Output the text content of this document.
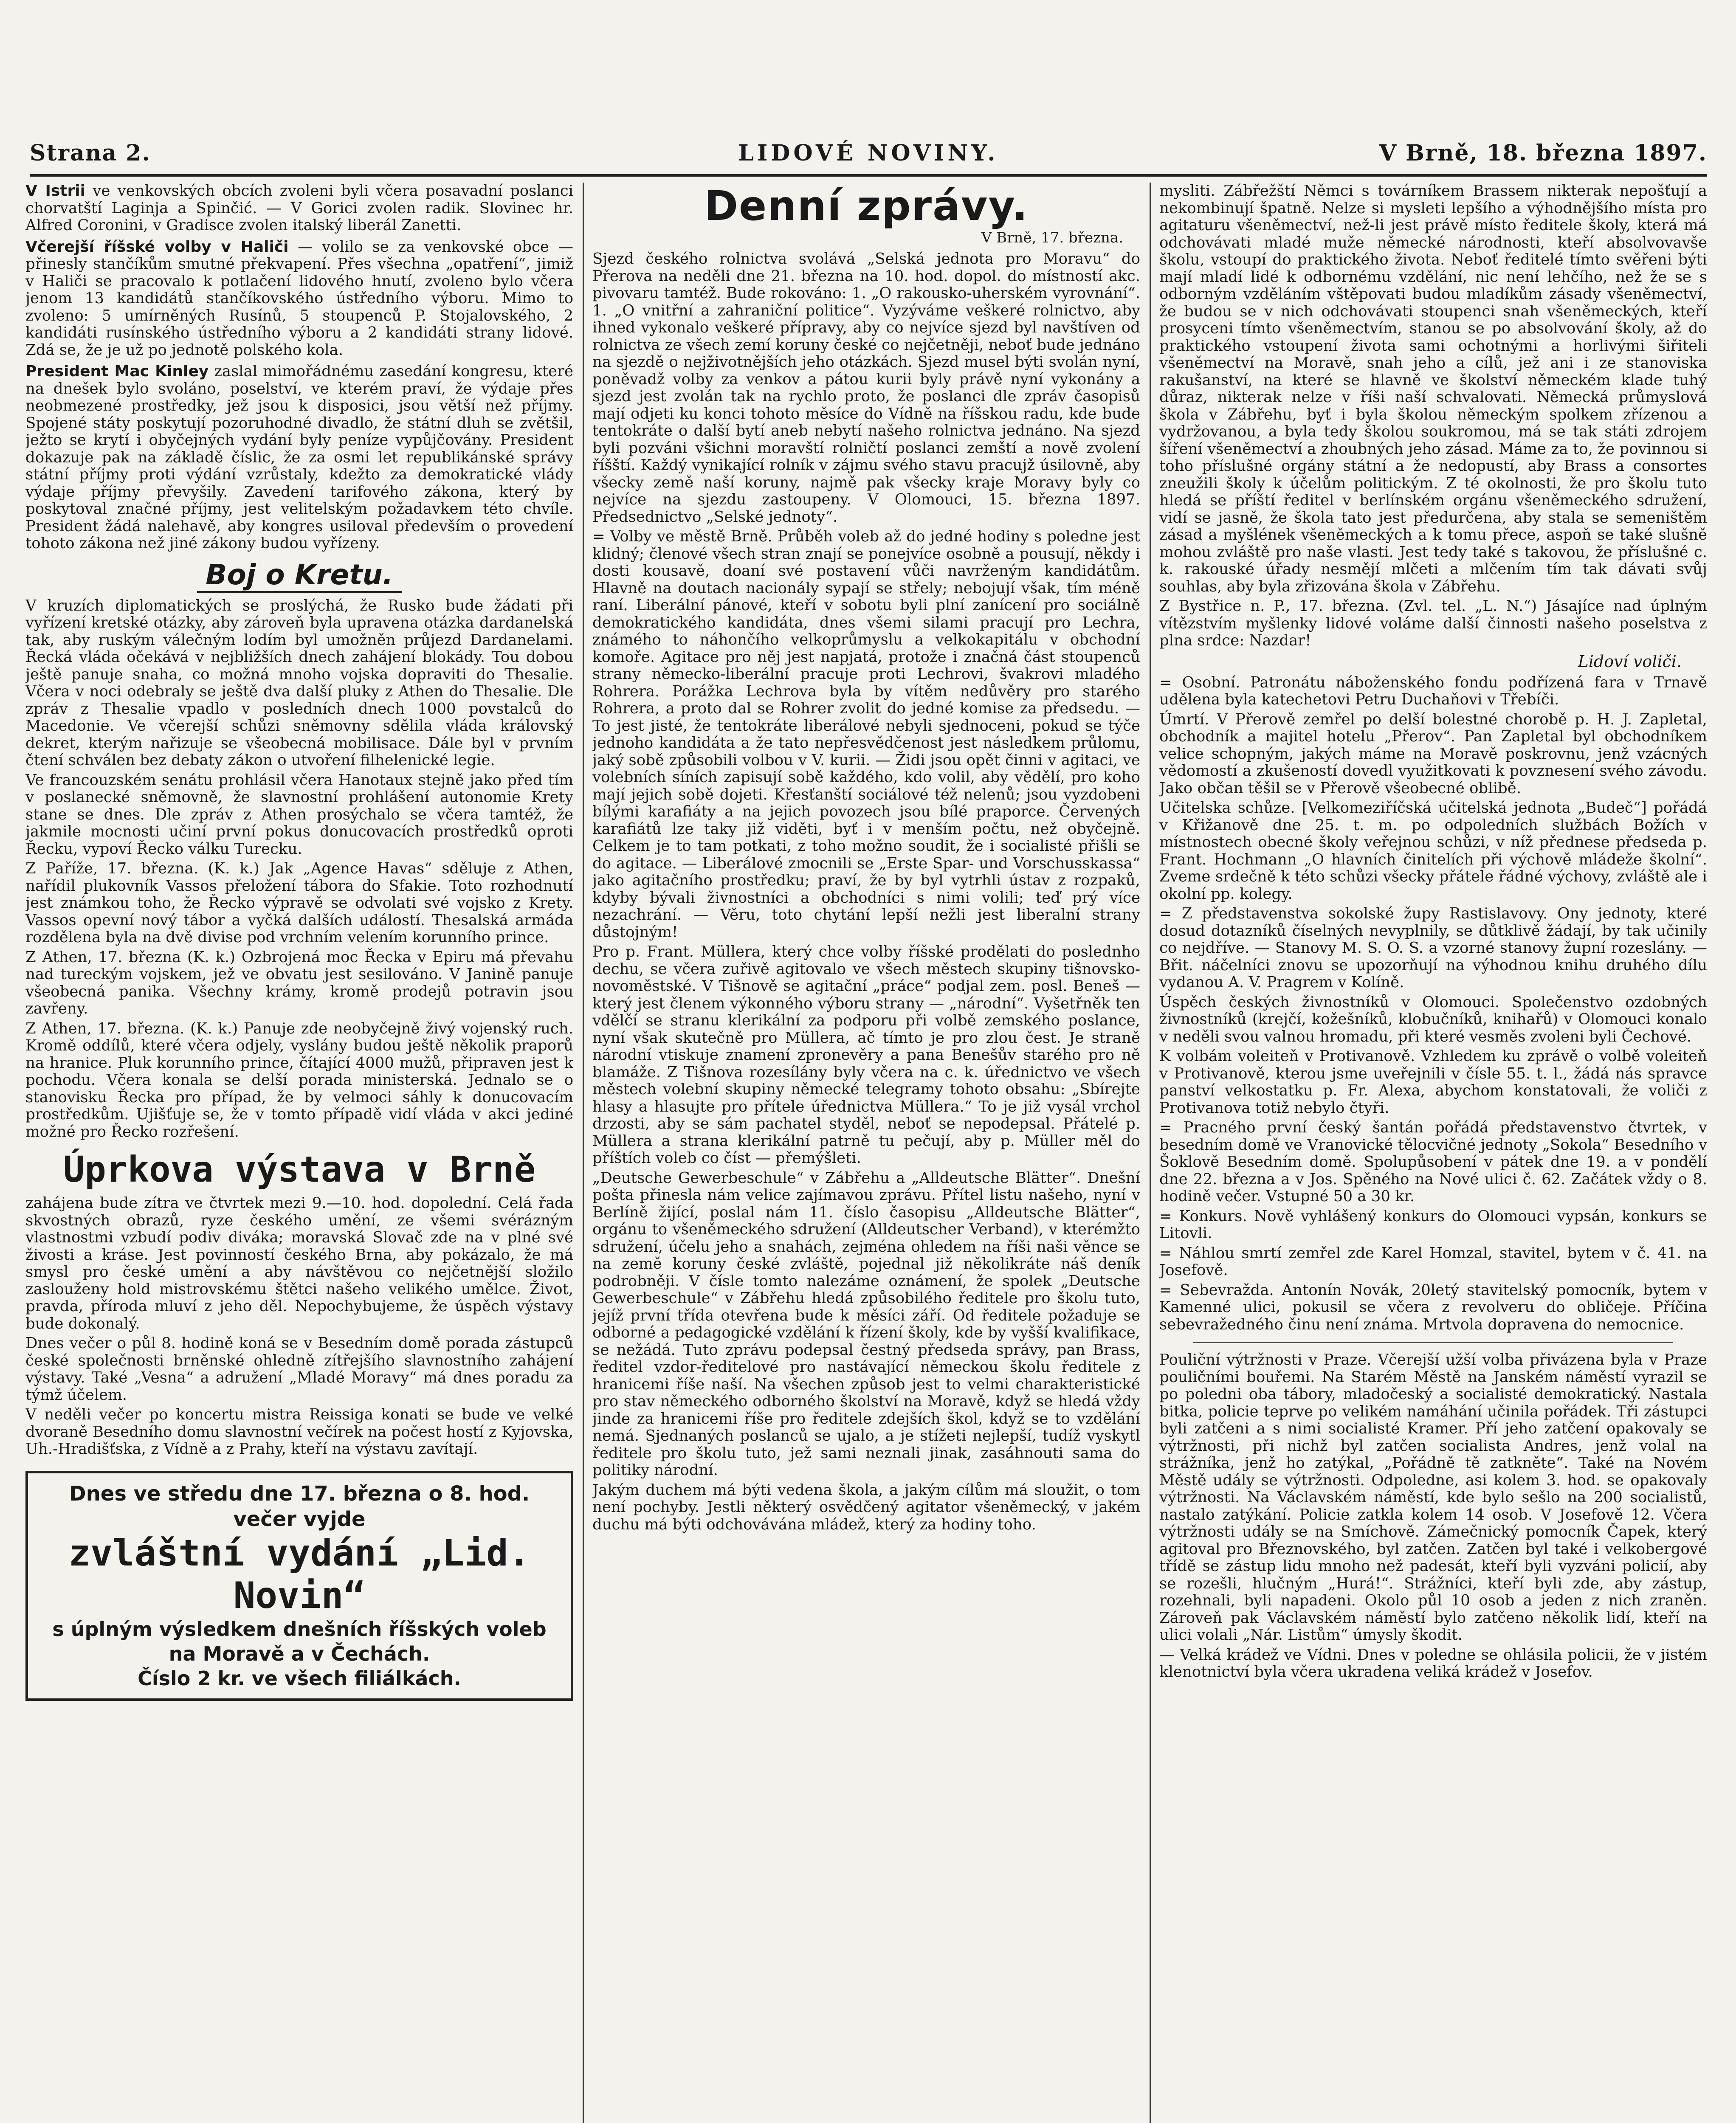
Strana 2.	LIDOVÉ NOVINY.	V Brně, 18. března 1897.

V Istrii ve venkovských obcích zvoleni byli včera posavadní poslanci chorvatští Laginja a Spinčić. — V Gorici zvolen radik. Slovinec hr. Alfred Coronini, v Gradisce zvolen italský liberál Zanetti.

Včerejší říšské volby v Haliči — volilo se za venkovské obce — přinesly stančíkům smutné překvapení. Přes všechna „opatření“, jimiž v Haliči se pracovalo k potlačení lidového hnutí, zvoleno bylo včera jenom 13 kandidátů stančíkovského ústředního výboru. Mimo to zvoleno: 5 umírněných Rusínů, 5 stoupenců P. Stojalovského, 2 kandidáti rusínského ústředního výboru a 2 kandidáti strany lidové. Zdá se, že je už po jednotě polského kola.

President Mac Kinley zaslal mimořádnému zasedání kongresu, které na dnešek bylo svoláno, poselství, ve kterém praví, že výdaje přes neobmezené prostředky, jež jsou k disposici, jsou větší než příjmy. Spojené státy poskytují pozoruhodné divadlo, že státní dluh se zvětšil, ježto se krytí i obyčejných vydání byly peníze vypůjčovány. President dokazuje pak na základě číslic, že za osmi let republikánské správy státní příjmy proti výdání vzrůstaly, kdežto za demokratické vlády výdaje příjmy převyšily. Zavedení tarifového zákona, který by poskytoval značné příjmy, jest velitelským požadavkem této chvíle. President žádá nalehavě, aby kongres usiloval především o provedení tohoto zákona než jiné zákony budou vyřízeny.

Boj o Kretu.

V kruzích diplomatických se proslýchá, že Rusko bude žádati při vyřízení kretské otázky, aby zároveň byla upravena otázka dardanelská tak, aby ruským válečným lodím byl umožněn průjezd Dardanelami. Řecká vláda očekává v nejbližších dnech zahájení blokády. Tou dobou ještě panuje snaha, co možná mnoho vojska dopraviti do Thesalie. Včera v noci odebraly se ještě dva další pluky z Athen do Thesalie. Dle zpráv z Thesalie vpadlo v posledních dnech 1000 povstalců do Macedonie. Ve včerejší schůzi sněmovny sdělila vláda královský dekret, kterým nařizuje se všeobecná mobilisace. Dále byl v prvním čtení schválen bez debaty zákon o utvoření filhelenické legie.

Ve francouzském senátu prohlásil včera Hanotaux stejně jako před tím v poslanecké sněmovně, že slavnostní prohlášení autonomie Krety stane se dnes. Dle zpráv z Athen prosýchalo se včera tamtéž, že jakmile mocnosti učiní první pokus donucovacích prostředků oproti Řecku, vypoví Řecko válku Turecku.

Z Paříže, 17. března. (K. k.) Jak „Agence Havas“ sděluje z Athen, nařídil plukovník Vassos přeložení tábora do Sfakie. Toto rozhodnutí jest známkou toho, že Řecko výpravě se odvolati své vojsko z Krety. Vassos opevní nový tábor a vyčká dalších událostí. Thesalská armáda rozdělena byla na dvě divise pod vrchním velením korunního prince.

Z Athen, 17. března (K. k.) Ozbrojená moc Řecka v Epiru má převahu nad tureckým vojskem, jež ve obvatu jest sesilováno. V Janině panuje všeobecná panika. Všechny krámy, kromě prodejů potravin jsou zavřeny.

Z Athen, 17. března. (K. k.) Panuje zde neobyčejně živý vojenský ruch. Kromě oddílů, které včera odjely, vyslány budou ještě několik praporů na hranice. Pluk korunního prince, čítající 4000 mužů, připraven jest k pochodu. Včera konala se delší porada ministerská. Jednalo se o stanovisku Řecka pro případ, že by velmoci sáhly k donucovacím prostředkům. Ujišťuje se, že v tomto případě vidí vláda v akci jediné možné pro Řecko rozřešení.

Úprkova výstava v Brně

zahájena bude zítra ve čtvrtek mezi 9.—10. hod. dopolední. Celá řada skvostných obrazů, ryze českého umění, ze všemi svérázným vlastnostmi vzbudí podiv diváka; moravská Slovač zde na v plné své živosti a kráse. Jest povinností českého Brna, aby pokázalo, že má smysl pro české umění a aby návštěvou co nejčetnější složilo zaslouženy hold mistrovskému štětci našeho velikého umělce. Život, pravda, příroda mluví z jeho děl. Nepochybujeme, že úspěch výstavy bude dokonalý.

Dnes večer o půl 8. hodině koná se v Besedním domě porada zástupců české společnosti brněnské ohledně zítřejšího slavnostního zahájení výstavy. Také „Vesna“ a adružení „Mladé Moravy“ má dnes poradu za týmž účelem.

V neděli večer po koncertu mistra Reissiga konati se bude ve velké dvoraně Besedního domu slavnostní večírek na počest hostí z Kyjovska, Uh.-Hradišťska, z Vídně a z Prahy, kteří na výstavu zavítají.

Dnes ve středu dne 17. března o 8. hod. večer vyjde

zvláštní vydání „Lid. Novin“

s úplným výsledkem dnešních říšských voleb na Moravě a v Čechách.

Číslo 2 kr. ve všech filiálkách.

Denní zprávy.
V Brně, 17. března.

Sjezd českého rolnictva svolává „Selská jednota pro Moravu“ do Přerova na neděli dne 21. března na 10. hod. dopol. do místností akc. pivovaru tamtéž. Bude rokováno: 1. „O rakousko-uherském vyrovnání“. 1. „O vnitřní a zahraniční politice“. Vyzýváme veškeré rolnictvo, aby ihned vykonalo veškeré přípravy, aby co nejvíce sjezd byl navštíven od rolnictva ze všech zemí koruny české co nejčetněji, neboť bude jednáno na sjezdě o nejživotnějších jeho otázkách. Sjezd musel býti svolán nyní, poněvadž volby za venkov a pátou kurii byly právě nyní vykonány a sjezd jest zvolán tak na rychlo proto, že poslanci dle zpráv časopisů mají odjeti ku konci tohoto měsíce do Vídně na říšskou radu, kde bude tentokráte o další bytí aneb nebytí našeho rolnictva jednáno. Na sjezd byli pozváni všichni moravští rolničtí poslanci zemští a nově zvolení říšští. Každý vynikající rolník v zájmu svého stavu pracujž úsilovně, aby všecky země naší koruny, najmě pak všecky kraje Moravy byly co nejvíce na sjezdu zastoupeny. V Olomouci, 15. března 1897. Předsednictvo „Selské jednoty“.

= Volby ve městě Brně. Průběh voleb až do jedné hodiny s poledne jest klidný; členové všech stran znají se ponejvíce osobně a pousují, někdy i dosti kousavě, doaní své postavení vůči navrženým kandidátům. Hlavně na doutach nacionály sypají se střely; nebojují však, tím méně raní. Liberální pánové, kteří v sobotu byli plní zanícení pro sociálně demokratického kandidáta, dnes všemi silami pracují pro Lechra, známého to náhončího velkoprůmyslu a velkokapitálu v obchodní komoře. Agitace pro něj jest napjatá, protože i značná část stoupenců strany německo-liberální pracuje proti Lechrovi, švakrovi mladého Rohrera. Porážka Lechrova byla by vítěm nedůvěry pro starého Rohrera, a proto dal se Rohrer zvolit do jedné komise za předsedu. — To jest jisté, že tentokráte liberálové nebyli sjednoceni, pokud se týče jednoho kandidáta a že tato nepřesvědčenost jest následkem průlomu, jaký sobě způsobili volbou v V. kurii. — Židi jsou opět činni v agitaci, ve volebních síních zapisují sobě každého, kdo volil, aby vědělí, pro koho mají jejich sobě dojeti. Křesťanští sociálové též nelenů; jsou vyzdobeni bílými karafiáty a na jejich povozech jsou bílé praporce. Červených karafiátů lze taky již viděti, byť i v menším počtu, než obyčejně. Celkem je to tam potkati, z toho možno soudit, že i socialisté přišli se do agitace. — Liberálové zmocnili se „Erste Spar- und Vorschusskassa“ jako agitačního prostředku; praví, že by byl vytrhli ústav z rozpaků, kdyby bývali živnostníci a obchodníci s nimi volili; teď prý více nezachrání. — Věru, toto chytání lepší nežli jest liberalní strany důstojným!

Pro p. Frant. Müllera, který chce volby říšské prodělati do poslednho dechu, se včera zuřivě agitovalo ve všech městech skupiny tišnovsko-novoměstské. V Tišnově se agitační „práce“ podjal zem. posl. Beneš — který jest členem výkonného výboru strany — „národní“. Vyšetřněk ten vdělčí se stranu klerikální za podporu při volbě zemského poslance, nyní však skutečně pro Müllera, ač tímto je pro zlou čest. Je straně národní vtiskuje znamení zpronevěry a pana Benešův starého pro ně blamáže. Z Tišnova rozesílány byly včera na c. k. úřednictvo ve všech městech volební skupiny německé telegramy tohoto obsahu: „Sbírejte hlasy a hlasujte pro přítele úřednictva Müllera.“ To je již vysál vrchol drzosti, aby se sám pachatel styděl, neboť se nepodepsal. Přátelé p. Müllera a strana klerikální patrně tu pečují, aby p. Müller měl do příštích voleb co číst — přemýšleti.

„Deutsche Gewerbeschule“ v Zábřehu a „Alldeutsche Blätter“. Dnešní pošta přinesla nám velice zajímavou zprávu. Přítel listu našeho, nyní v Berlíně žijící, poslal nám 11. číslo časopisu „Alldeutsche Blätter“, orgánu to všeněmeckého sdružení (Alldeutscher Verband), v kterémžto sdružení, účelu jeho a snahách, zejména ohledem na říši naši věnce se na země koruny české zvláště, pojednal již několikráte náš deník podrobněji. V čísle tomto nalezáme oznámení, že spolek „Deutsche Gewerbeschule“ v Zábřehu hledá způsobilého ředitele pro školu tuto, jejíž první třída otevřena bude k měsíci září. Od ředitele požaduje se odborné a pedagogické vzdělání k řízení školy, kde by vyšší kvalifikace, se nežádá. Tuto zprávu podepsal čestný předseda správy, pan Brass, ředitel vzdor-ředitelové pro nastávající německou školu ředitele z hranicemi říše naší. Na všechen způsob jest to velmi charakteristické pro stav německého odborného školství na Moravě, když se hledá vždy jinde za hranicemi říše pro ředitele zdejších škol, když se to vzdělání nemá. Sjednaných poslanců se ujalo, a je stížeti nejlepší, tudíž vyskytl ředitele pro školu tuto, jež sami neznali jinak, zasáhnouti sama do politiky národní.

Jakým duchem má býti vedena škola, a jakým cílům má sloužit, o tom není pochyby. Jestli některý osvědčený agitator všeněmecký, v jakém duchu má býti odchovávána mládež, který za hodiny toho.

mysliti. Zábřežští Němci s továrníkem Brassem nikterak nepošťují a nekombinují špatně. Nelze si mysleti lepšího a výhodnějšího místa pro agitaturu všeněmectví, než-li jest právě místo ředitele školy, která má odchovávati mladé muže německé národnosti, kteří absolvovavše školu, vstoupí do praktického života. Neboť ředitelé tímto svěřeni býti mají mladí lidé k odbornému vzdělání, nic není lehčího, než že se s odborným vzděláním vštěpovati budou mladíkům zásady všeněmectví, že budou se v nich odchovávati stoupenci snah všeněmeckých, kteří prosyceni tímto všeněmectvím, stanou se po absolvování školy, až do praktického vstoupení života sami ochotnými a horlivými šiřiteli všeněmectví na Moravě, snah jeho a cílů, jež ani i ze stanoviska rakušanství, na které se hlavně ve školství německém klade tuhý důraz, nikterak nelze v říši naší schvalovati. Německá průmyslová škola v Zábřehu, byť i byla školou německým spolkem zřízenou a vydržovanou, a byla tedy školou soukromou, má se tak státi zdrojem šíření všeněmectví a zhoubných jeho zásad. Máme za to, že povinnou si toho příslušné orgány státní a že nedopustí, aby Brass a consortes zneužili školy k účelům politickým. Z té okolnosti, že pro školu tuto hledá se příští ředitel v berlínském orgánu všeněmeckého sdružení, vidí se jasně, že škola tato jest předurčena, aby stala se semeništěm zásad a myšlének všeněmeckých a k tomu přece, aspoň se také slušně mohou zvláště pro naše vlasti. Jest tedy také s takovou, že příslušné c. k. rakouské úřady nesmějí mlčeti a mlčením tím tak dávati svůj souhlas, aby byla zřizována škola v Zábřehu.

Z Bystřice n. P., 17. března. (Zvl. tel. „L. N.“) Jásajíce nad úplným vítězstvím myšlenky lidové voláme další činnosti našeho poselstva z plna srdce: Nazdar!

Lidoví voliči.

= Osobní. Patronátu náboženského fondu podřízená fara v Trnavě udělena byla katechetovi Petru Duchaňovi v Třebíči.

Úmrtí. V Přerově zemřel po delší bolestné chorobě p. H. J. Zapletal, obchodník a majitel hotelu „Přerov“. Pan Zapletal byl obchodníkem velice schopným, jakých máme na Moravě poskrovnu, jenž vzácných vědomostí a zkušeností dovedl využitkovati k povznesení svého závodu. Jako občan těšil se v Přerově všeobecné oblibě.

Učitelska schůze. [Velkomeziříčská učitelská jednota „Budeč“] pořádá v Křižanově dne 25. t. m. po odpoledních službách Božích v místnostech obecné školy veřejnou schůzi, v níž přednese předseda p. Frant. Hochmann „O hlavních činitelích při výchově mládeže školní“. Zveme srdečně k této schůzi všecky přátele řádné výchovy, zvláště ale i okolní pp. kolegy.

= Z představenstva sokolské župy Rastislavovy. Ony jednoty, které dosud dotazníků číselných nevyplnily, se důtklivě žádají, by tak učinily co nejdříve. — Stanovy M. S. O. S. a vzorné stanovy župní rozeslány. — Břit. náčelníci znovu se upozorňují na výhodnou knihu druhého dílu vydanou A. V. Pragrem v Kolíně.

Úspěch českých živnostníků v Olomouci. Společenstvo ozdobných živnostníků (krejčí, kožešníků, klobučníků, knihařů) v Olomouci konalo v neděli svou valnou hromadu, při které vesměs zvoleni byli Čechové.

K volbám voleiteň v Protivanově. Vzhledem ku zprávě o volbě voleiteň v Protivanově, kterou jsme uveřejnili v čísle 55. t. l., žádá nás spravce panství velkostatku p. Fr. Alexa, abychom konstatovali, že voliči z Protivanova totiž nebylo čtyři.

= Pracného první český šantán pořádá představenstvo čtvrtek, v besedním domě ve Vranovické tělocvičné jednoty „Sokola“ Besedního v Šoklově Besedním domě. Spolupůsobení v pátek dne 19. a v pondělí dne 22. března a v Jos. Spěného na Nové ulici č. 62. Začátek vždy o 8. hodině večer. Vstupné 50 a 30 kr.

= Konkurs. Nově vyhlášený konkurs do Olomouci vypsán, konkurs se Litovli.

= Náhlou smrtí zemřel zde Karel Homzal, stavitel, bytem v č. 41. na Josefově.

= Sebevražda. Antonín Novák, 20letý stavitelský pomocník, bytem v Kamenné ulici, pokusil se včera z revolveru do obličeje. Příčina sebevražedného činu není známa. Mrtvola dopravena do nemocnice.

Pouliční výtržnosti v Praze. Včerejší užší volba přivázena byla v Praze pouličními bouřemi. Na Starém Městě na Janském náměstí vyrazil se po poledni oba tábory, mladočeský a socialisté demokratický. Nastala bitka, policie teprve po velikém namáhání učinila pořádek. Tři zástupci byli zatčeni a s nimi socialisté Kramer. Pří jeho zatčení opakovaly se výtržnosti, při nichž byl zatčen socialista Andres, jenž volal na strážníka, jenž ho zatýkal, „Pořádně tě zatkněte“. Také na Novém Městě udály se výtržnosti. Odpoledne, asi kolem 3. hod. se opakovaly výtržnosti. Na Václavském náměstí, kde bylo sešlo na 200 socialistů, nastalo zatýkání. Policie zatkla kolem 14 osob. V Josefově 12. Včera výtržnosti udály se na Smíchově. Zámečnický pomocník Čapek, který agitoval pro Březnovského, byl zatčen. Zatčen byl také i velkobergové třídě se zástup lidu mnoho než padesát, kteří byli vyzváni policií, aby se rozešli, hlučným „Hurá!“. Strážníci, kteří byli zde, aby zástup, rozehnali, byli napadeni. Okolo půl 10 osob a jeden z nich zraněn. Zároveň pak Václavském náměstí bylo zatčeno několik lidí, kteří na ulici volali „Nár. Listům“ úmysly škodit.

— Velká krádež ve Vídni. Dnes v poledne se ohlásila policii, že v jistém klenotnictví byla včera ukradena veliká krádež v Josefov.
